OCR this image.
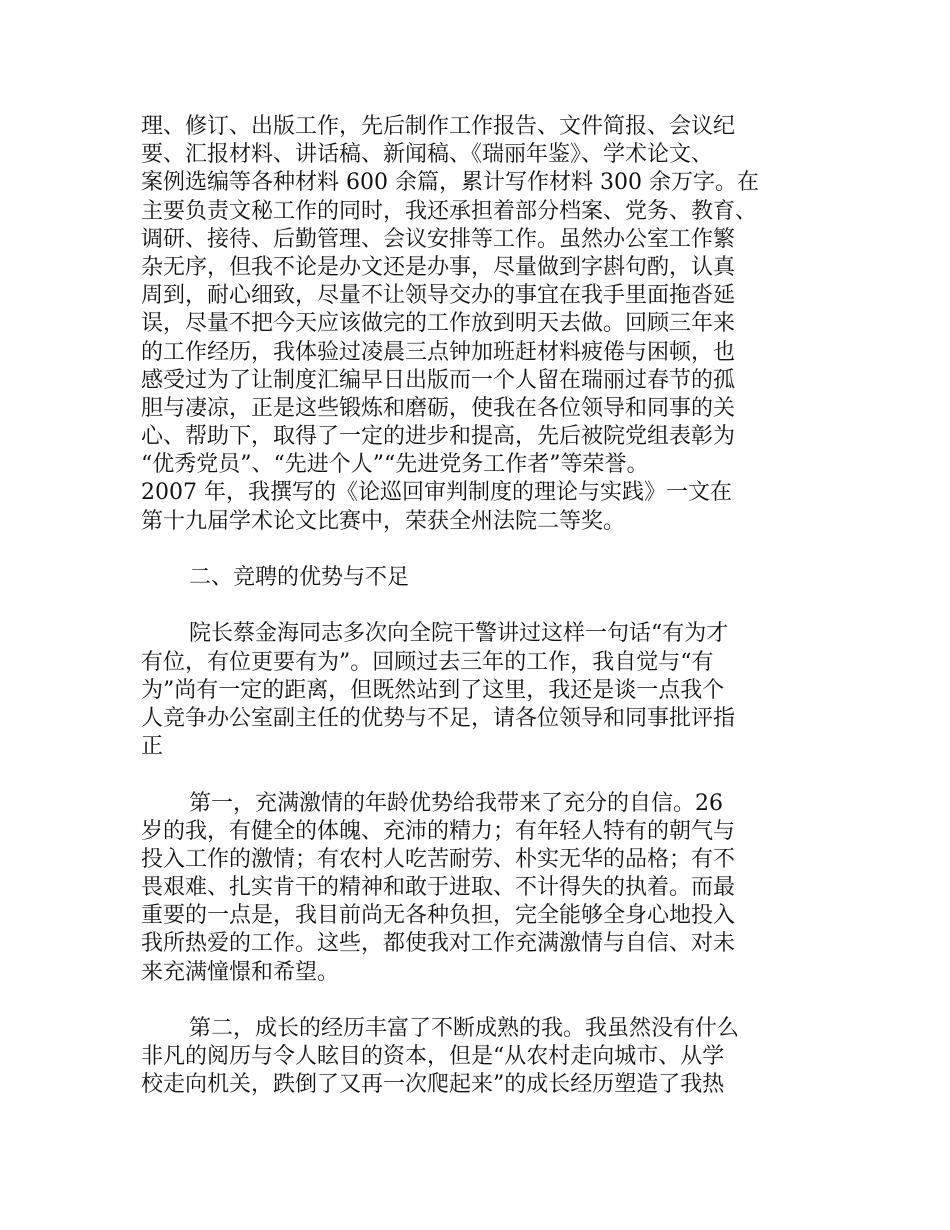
理、修订、出版工作，先后制作工作报告、文件简报、会议纪
要、汇报材料、讲话稿、新闻稿、《瑞丽年鉴》、学术论文、
案例选编等各种材料 600 余篇，累计写作材料 300 余万字。在
主要负责文秘工作的同时，我还承担着部分档案、党务、教育、
调研、接待、后勤管理、会议安排等工作。虽然办公室工作繁
杂无序，但我不论是办文还是办事，尽量做到字斟句酌，认真
周到，耐心细致，尽量不让领导交办的事宜在我手里面拖沓延
误，尽量不把今天应该做完的工作放到明天去做。回顾三年来
的工作经历，我体验过凌晨三点钟加班赶材料疲倦与困顿，也
感受过为了让制度汇编早日出版而一个人留在瑞丽过春节的孤
胆与凄凉，正是这些锻炼和磨砺，使我在各位领导和同事的关
心、帮助下，取得了一定的进步和提高，先后被院党组表彰为
“优秀党员”、“先进个人”“先进党务工作者”等荣誉。
2007 年，我撰写的《论巡回审判制度的理论与实践》一文在
第十九届学术论文比赛中，荣获全州法院二等奖。
二、竞聘的优势与不足
院长蔡金海同志多次向全院干警讲过这样一句话“有为才
有位，有位更要有为”。回顾过去三年的工作，我自觉与“有
为”尚有一定的距离，但既然站到了这里，我还是谈一点我个
人竞争办公室副主任的优势与不足，请各位领导和同事批评指
正
第一，充满激情的年龄优势给我带来了充分的自信。26
岁的我，有健全的体魄、充沛的精力；有年轻人特有的朝气与
投入工作的激情；有农村人吃苦耐劳、朴实无华的品格；有不
畏艰难、扎实肯干的精神和敢于进取、不计得失的执着。而最
重要的一点是，我目前尚无各种负担，完全能够全身心地投入
我所热爱的工作。这些，都使我对工作充满激情与自信、对未
来充满憧憬和希望。
第二，成长的经历丰富了不断成熟的我。我虽然没有什么
非凡的阅历与令人眩目的资本，但是“从农村走向城市、从学
校走向机关，跌倒了又再一次爬起来”的成长经历塑造了我热
